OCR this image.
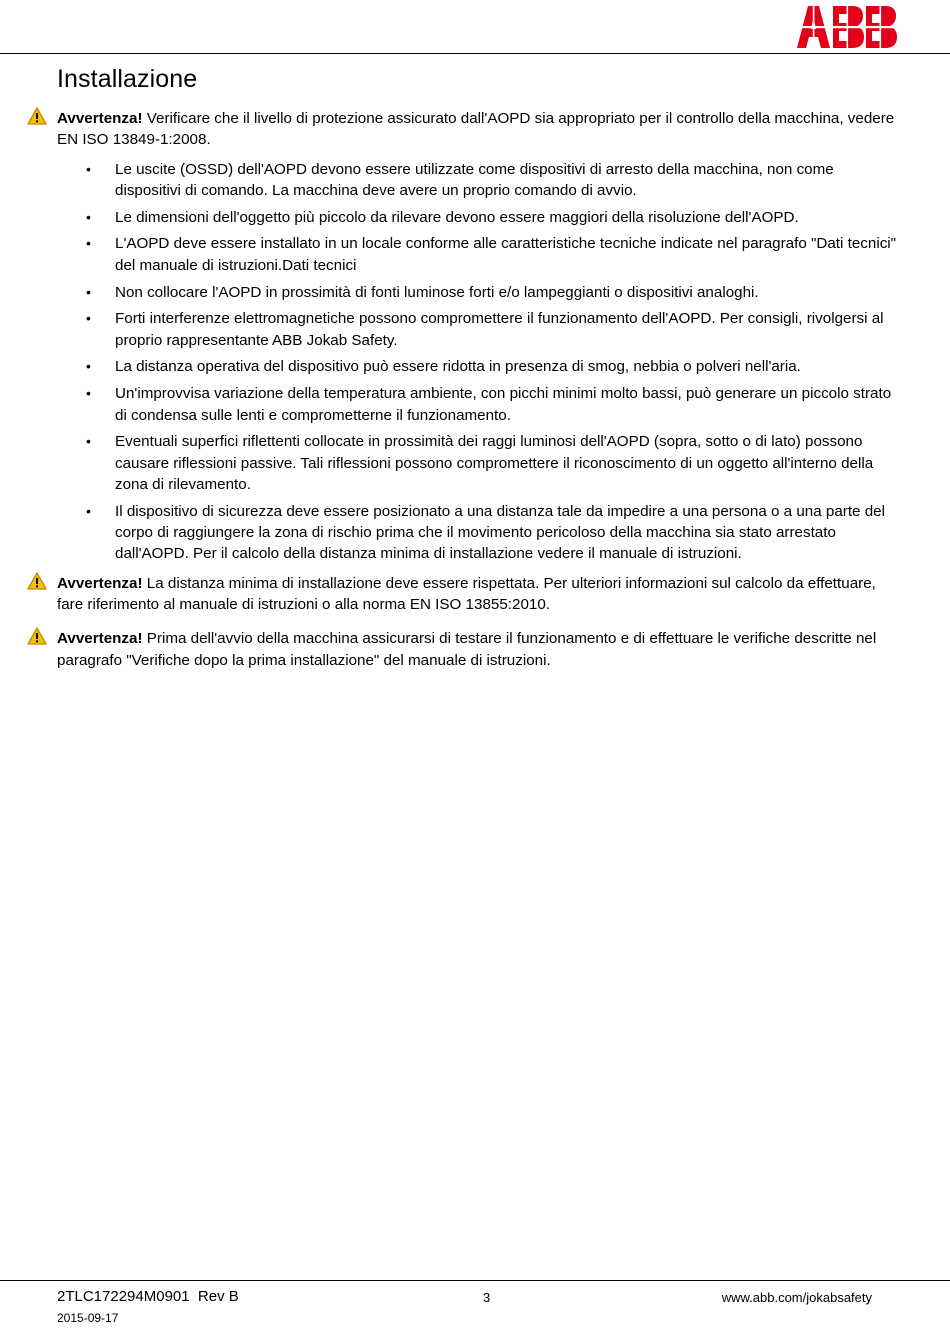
Installazione
Avvertenza! Verificare che il livello di protezione assicurato dall'AOPD sia appropriato per il controllo della macchina, vedere EN ISO 13849-1:2008.
• Le uscite (OSSD) dell'AOPD devono essere utilizzate come dispositivi di arresto della macchina, non come dispositivi di comando. La macchina deve avere un proprio comando di avvio.
• Le dimensioni dell'oggetto più piccolo da rilevare devono essere maggiori della risoluzione dell'AOPD.
• L'AOPD deve essere installato in un locale conforme alle caratteristiche tecniche indicate nel paragrafo "Dati tecnici" del manuale di istruzioni.Dati tecnici
• Non collocare l'AOPD in prossimità di fonti luminose forti e/o lampeggianti o dispositivi analoghi.
• Forti interferenze elettromagnetiche possono compromettere il funzionamento dell'AOPD. Per consigli, rivolgersi al proprio rappresentante ABB Jokab Safety.
• La distanza operativa del dispositivo può essere ridotta in presenza di smog, nebbia o polveri nell'aria.
• Un'improvvisa variazione della temperatura ambiente, con picchi minimi molto bassi, può generare un piccolo strato di condensa sulle lenti e comprometterne il funzionamento.
• Eventuali superfici riflettenti collocate in prossimità dei raggi luminosi dell'AOPD (sopra, sotto o di lato) possono causare riflessioni passive. Tali riflessioni possono compromettere il riconoscimento di un oggetto all'interno della zona di rilevamento.
• Il dispositivo di sicurezza deve essere posizionato a una distanza tale da impedire a una persona o a una parte del corpo di raggiungere la zona di rischio prima che il movimento pericoloso della macchina sia stato arrestato dall'AOPD. Per il calcolo della distanza minima di installazione vedere il manuale di istruzioni.
Avvertenza! La distanza minima di installazione deve essere rispettata. Per ulteriori informazioni sul calcolo da effettuare, fare riferimento al manuale di istruzioni o alla norma EN ISO 13855:2010.
Avvertenza! Prima dell'avvio della macchina assicurarsi di testare il funzionamento e di effettuare le verifiche descritte nel paragrafo "Verifiche dopo la prima installazione" del manuale di istruzioni.
2TLC172294M0901  Rev B
2015-09-17
3	www.abb.com/jokabsafety
